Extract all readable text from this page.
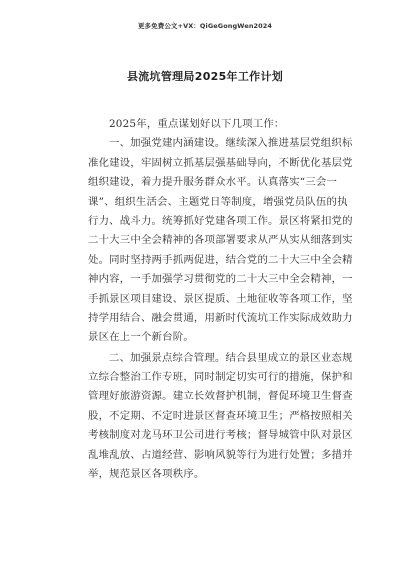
更多免费公文+VX：QiGeGongWen2024
县流坑管理局2025年工作计划
2025年，重点谋划好以下几项工作：
一、加强党建内涵建设。继续深入推进基层党组织标
准化建设，牢固树立抓基层强基础导向，不断优化基层党
组织建设，着力提升服务群众水平。认真落实“三会一
课”、组织生活会、主题党日等制度，增强党员队伍的执
行力、战斗力。统筹抓好党建各项工作。景区将紧扣党的
二十大三中全会精神的各项部署要求从严从实从细落到实
处。同时坚持两手抓两促进，结合党的二十大三中全会精
神内容，一手加强学习贯彻党的二十大三中全会精神，一
手抓景区项目建设、景区提质、土地征收等各项工作，坚
持学用结合、融会贯通，用新时代流坑工作实际成效助力
景区在上一个新台阶。
二、加强景点综合管理。结合县里成立的景区业态规
立综合整治工作专班，同时制定切实可行的措施，保护和
管理好旅游资源。建立长效督护机制，督促环境卫生督查
股，不定期、不定时进景区督查环境卫生；严格按照相关
考核制度对龙马环卫公司进行考核；督导城管中队对景区
乱堆乱放、占道经营、影响风貌等行为进行处置；多措并
举，规范景区各项秩序。
